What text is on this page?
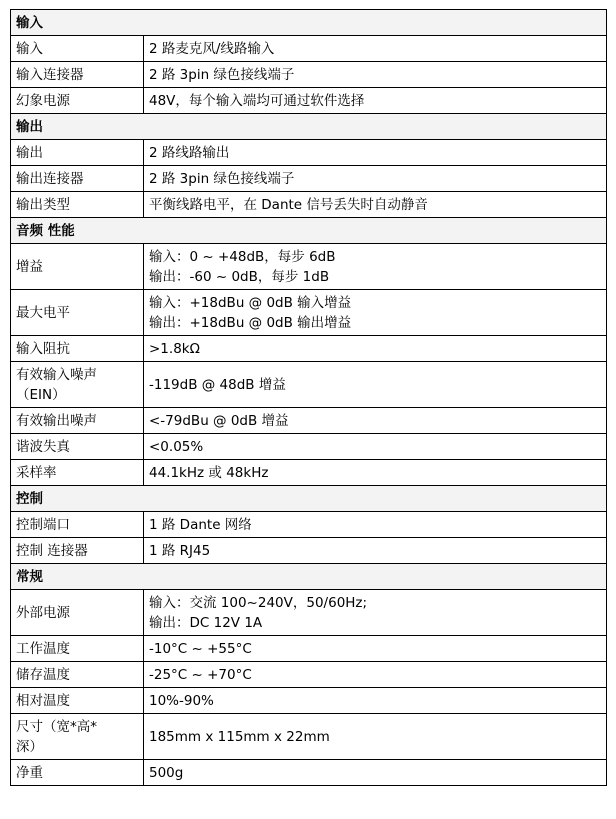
输入	
输入	2 路麦克风/线路输入
输入连接器	2 路 3pin 绿色接线端子
幻象电源	48V，每个输入端均可通过软件选择
输出	
输出	2 路线路输出
输出连接器	2 路 3pin 绿色接线端子
输出类型	平衡线路电平，在 Dante 信号丢失时自动静音
音频 性能	
增益	输入：0 ~ +48dB，每步 6dB
输出：-60 ~ 0dB，每步 1dB
最大电平	输入：+18dBu @ 0dB 输入增益
输出：+18dBu @ 0dB 输出增益
输入阻抗	>1.8kΩ
有效输入噪声
（EIN）	-119dB @ 48dB 增益
有效输出噪声	<-79dBu @ 0dB 增益
谐波失真	<0.05%
采样率	44.1kHz 或 48kHz
控制	
控制端口	1 路 Dante 网络
控制 连接器	1 路 RJ45
常规	
外部电源	输入：交流 100~240V，50/60Hz;
输出：DC 12V 1A
工作温度	-10°C ~ +55°C
储存温度	-25°C ~ +70°C
相对温度	10%-90%
尺寸（宽*高*
深）	185mm x 115mm x 22mm
净重	500g
